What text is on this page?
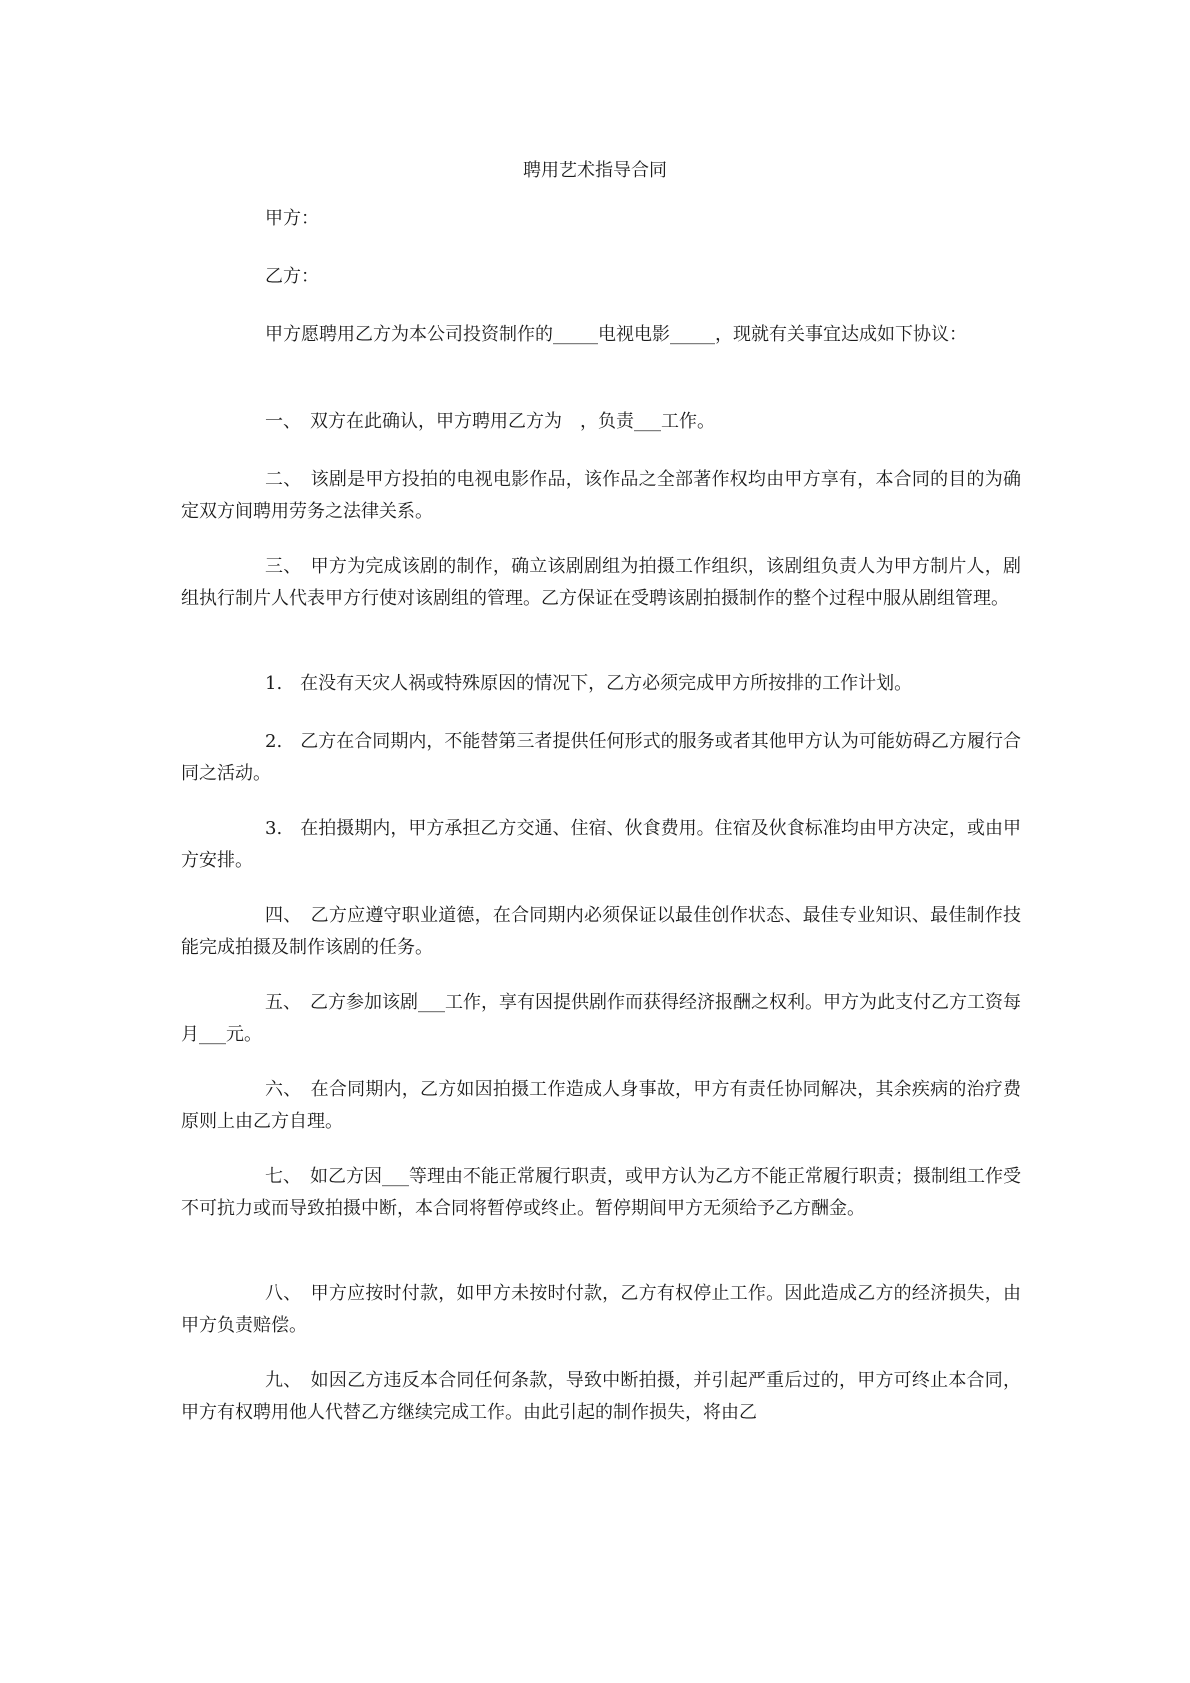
聘用艺术指导合同

甲方：

乙方：

甲方愿聘用乙方为本公司投资制作的_____电视电影_____，现就有关事宜达成如下协议：

一、　双方在此确认，甲方聘用乙方为　，负责___工作。

二、　该剧是甲方投拍的电视电影作品，该作品之全部著作权均由甲方享有，本合同的目的为确定双方间聘用劳务之法律关系。

三、　甲方为完成该剧的制作，确立该剧剧组为拍摄工作组织，该剧组负责人为甲方制片人，剧组执行制片人代表甲方行使对该剧组的管理。乙方保证在受聘该剧拍摄制作的整个过程中服从剧组管理。

1.　在没有天灾人祸或特殊原因的情况下，乙方必须完成甲方所按排的工作计划。

2.　乙方在合同期内，不能替第三者提供任何形式的服务或者其他甲方认为可能妨碍乙方履行合同之活动。

3.　在拍摄期内，甲方承担乙方交通、住宿、伙食费用。住宿及伙食标准均由甲方决定，或由甲方安排。

四、　乙方应遵守职业道德，在合同期内必须保证以最佳创作状态、最佳专业知识、最佳制作技能完成拍摄及制作该剧的任务。

五、　乙方参加该剧___工作，享有因提供剧作而获得经济报酬之权利。甲方为此支付乙方工资每月___元。

六、　在合同期内，乙方如因拍摄工作造成人身事故，甲方有责任协同解决，其余疾病的治疗费原则上由乙方自理。

七、　如乙方因___等理由不能正常履行职责，或甲方认为乙方不能正常履行职责；摄制组工作受不可抗力或而导致拍摄中断，本合同将暂停或终止。暂停期间甲方无须给予乙方酬金。

八、　甲方应按时付款，如甲方未按时付款，乙方有权停止工作。因此造成乙方的经济损失，由甲方负责赔偿。

九、　如因乙方违反本合同任何条款，导致中断拍摄，并引起严重后过的，甲方可终止本合同，甲方有权聘用他人代替乙方继续完成工作。由此引起的制作损失，将由乙
